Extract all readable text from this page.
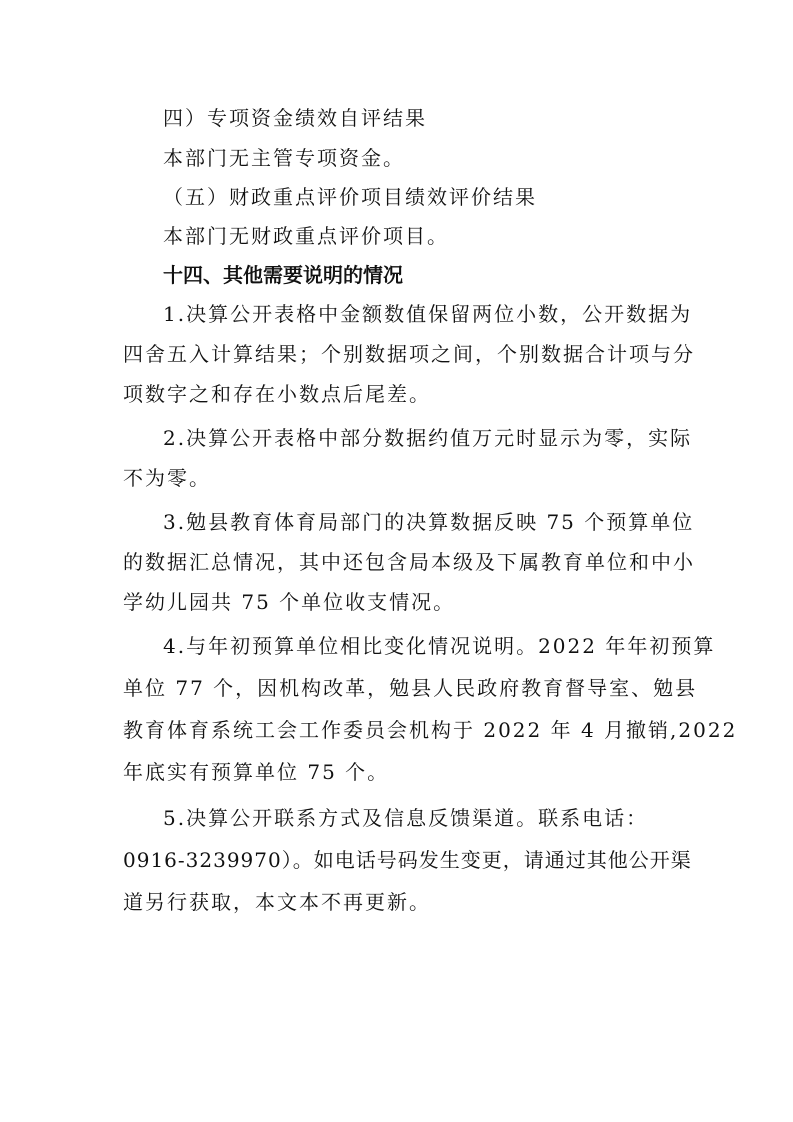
四）专项资金绩效自评结果
本部门无主管专项资金。
（五）财政重点评价项目绩效评价结果
本部门无财政重点评价项目。
十四、其他需要说明的情况
1.决算公开表格中金额数值保留两位小数，公开数据为
四舍五入计算结果；个别数据项之间，个别数据合计项与分
项数字之和存在小数点后尾差。
2.决算公开表格中部分数据约值万元时显示为零，实际
不为零。
3.勉县教育体育局部门的决算数据反映 75 个预算单位
的数据汇总情况，其中还包含局本级及下属教育单位和中小
学幼儿园共 75 个单位收支情况。
4.与年初预算单位相比变化情况说明。2022 年年初预算
单位 77 个，因机构改革，勉县人民政府教育督导室、勉县
教育体育系统工会工作委员会机构于 2022 年 4 月撤销,2022
年底实有预算单位 75 个。
5.决算公开联系方式及信息反馈渠道。联系电话：
0916-3239970）。如电话号码发生变更，请通过其他公开渠
道另行获取，本文本不再更新。
